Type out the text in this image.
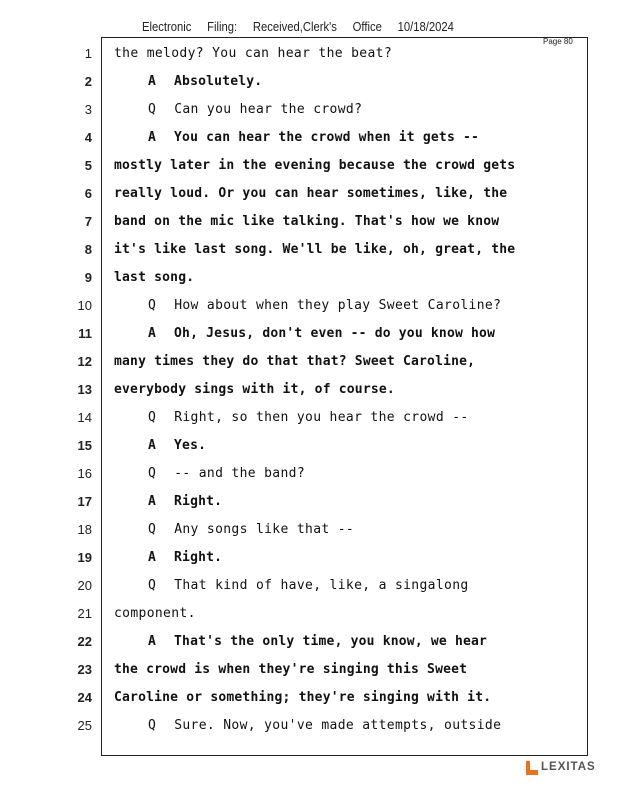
Electronic Filing: Received,Clerk's Office 10/18/2024
Page 80
1 the melody? You can hear the beat?
2	A Absolutely.
3	Q Can you hear the crowd?
4	A You can hear the crowd when it gets --
5 mostly later in the evening because the crowd gets
6 really loud. Or you can hear sometimes, like, the
7 band on the mic like talking. That's how we know
8 it's like last song. We'll be like, oh, great, the
9 last song.
10	Q How about when they play Sweet Caroline?
11	A Oh, Jesus, don't even -- do you know how
12 many times they do that that? Sweet Caroline,
13 everybody sings with it, of course.
14	Q Right, so then you hear the crowd --
15	A Yes.
16	Q -- and the band?
17	A Right.
18	Q Any songs like that --
19	A Right.
20	Q That kind of have, like, a singalong
21 component.
22	A That's the only time, you know, we hear
23 the crowd is when they're singing this Sweet
24 Caroline or something; they're singing with it.
25	Q Sure. Now, you've made attempts, outside
LEXITAS
